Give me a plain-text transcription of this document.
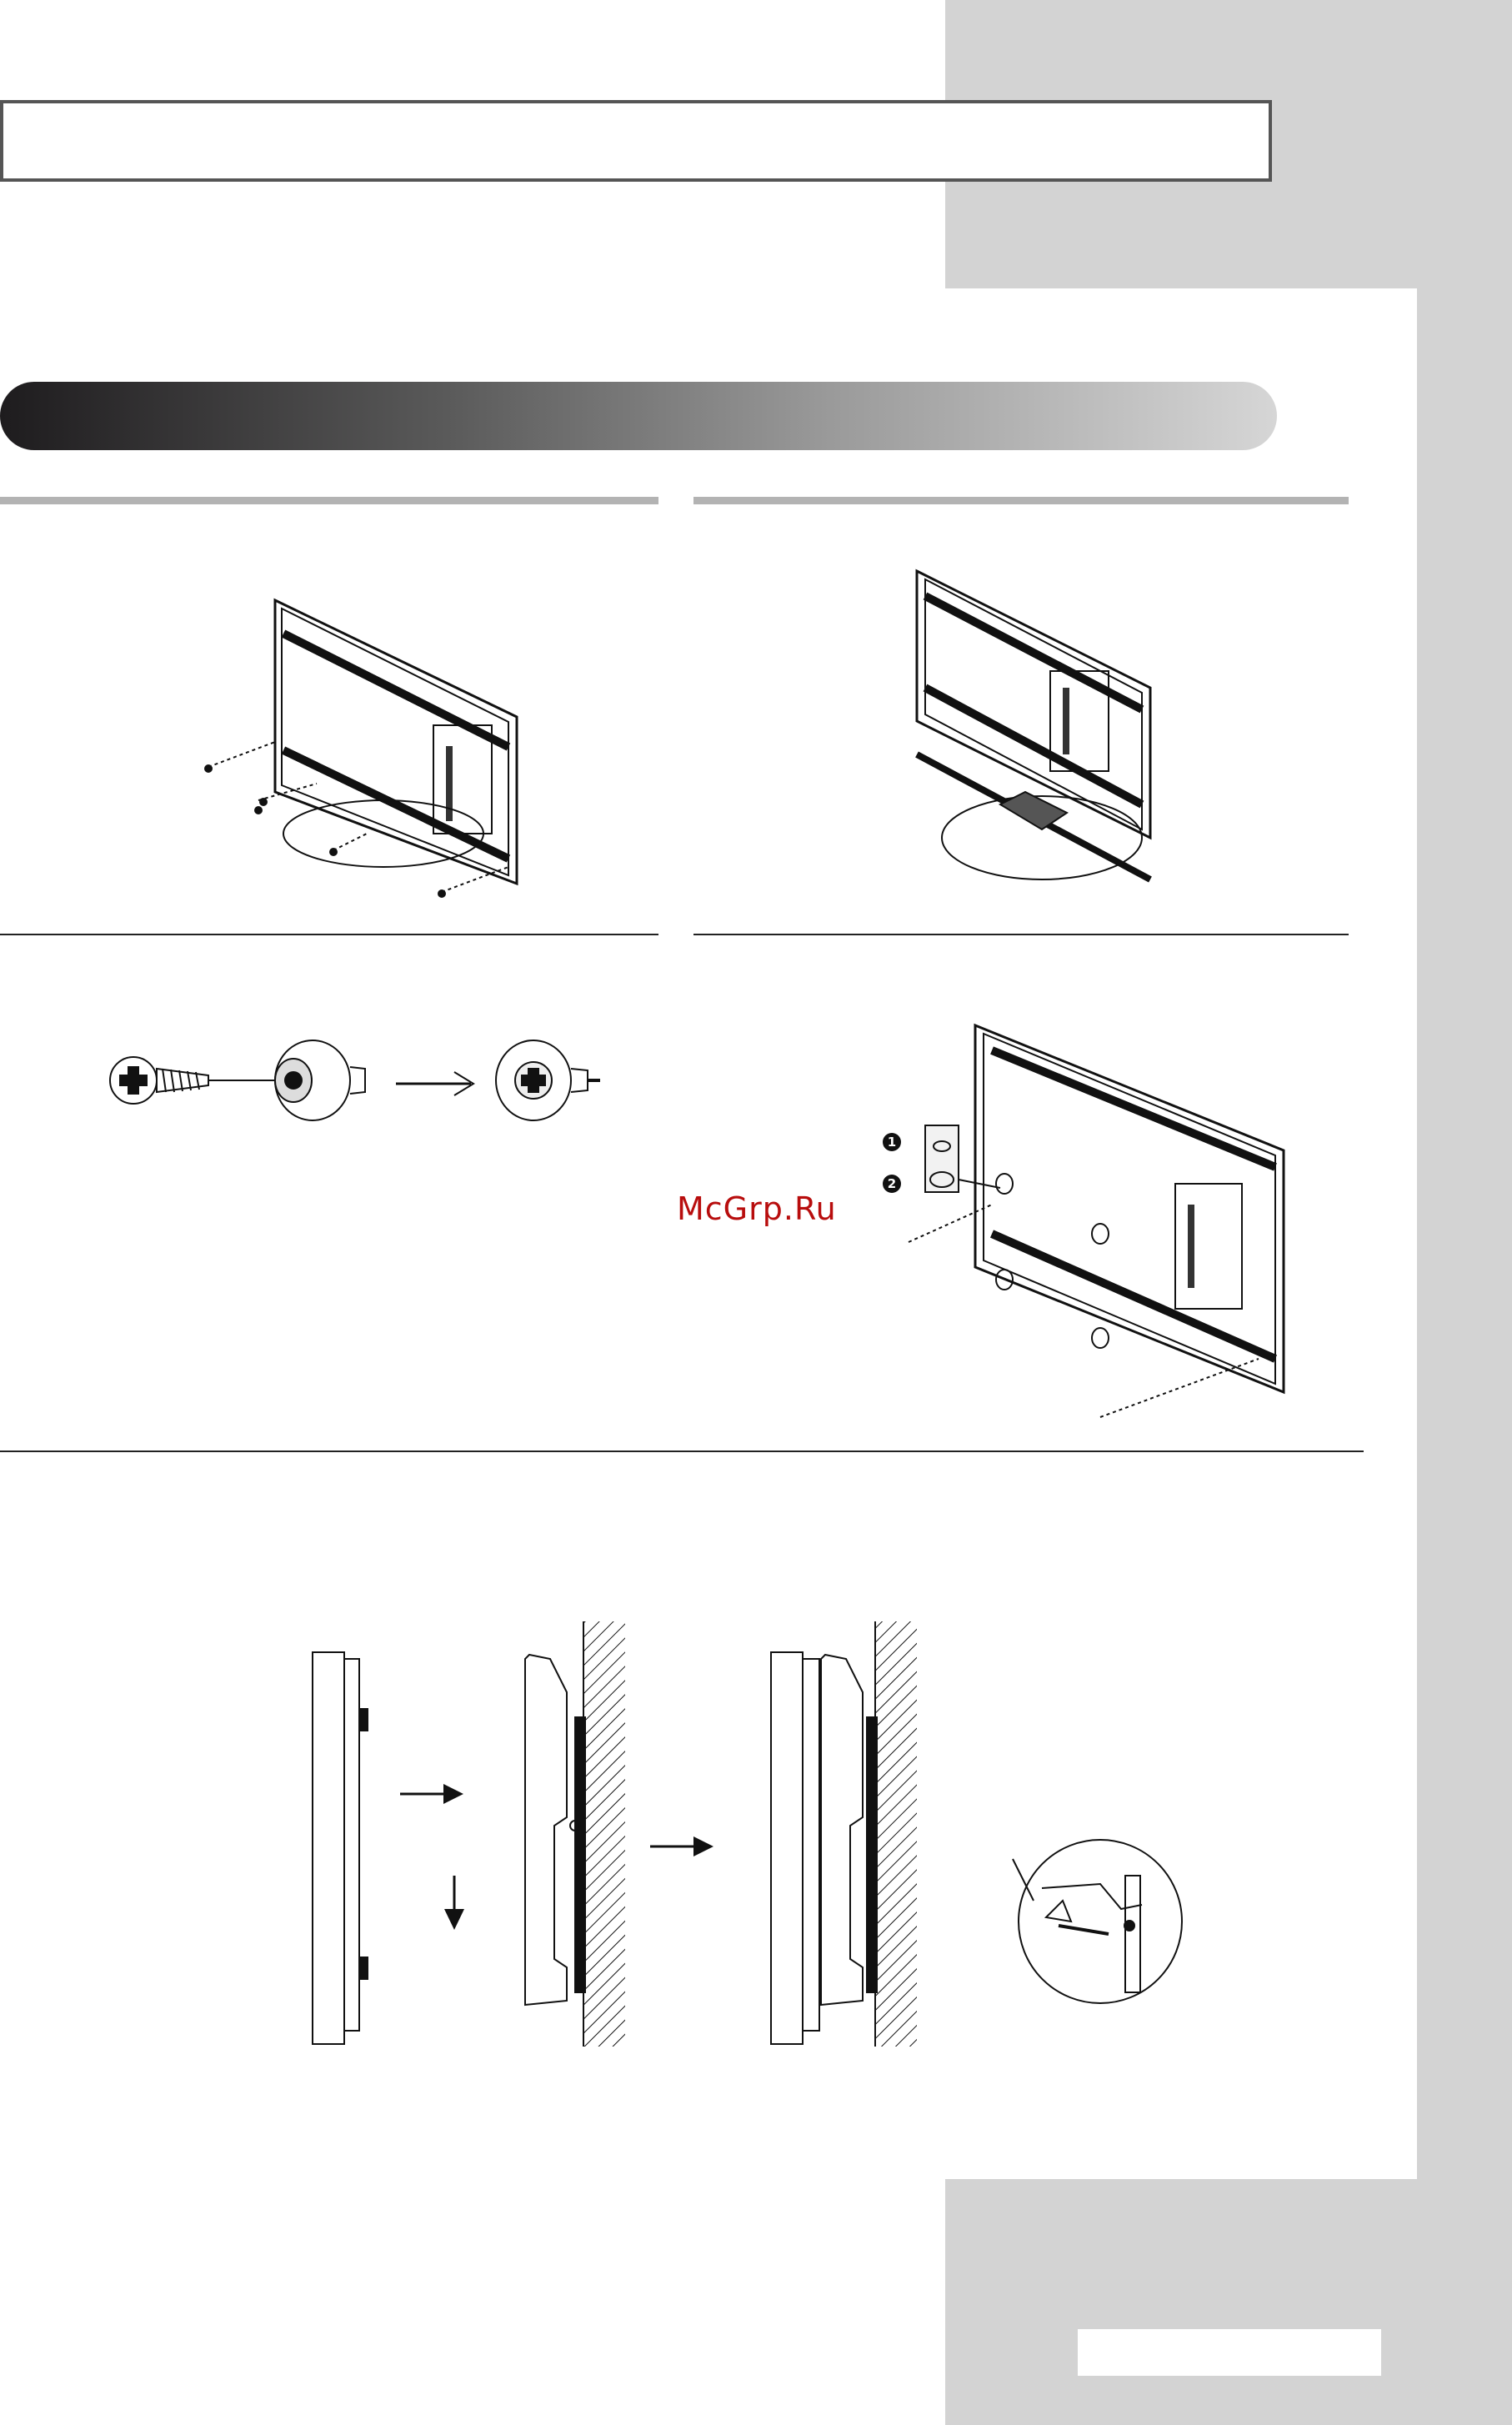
1
2
McGrp.Ru
